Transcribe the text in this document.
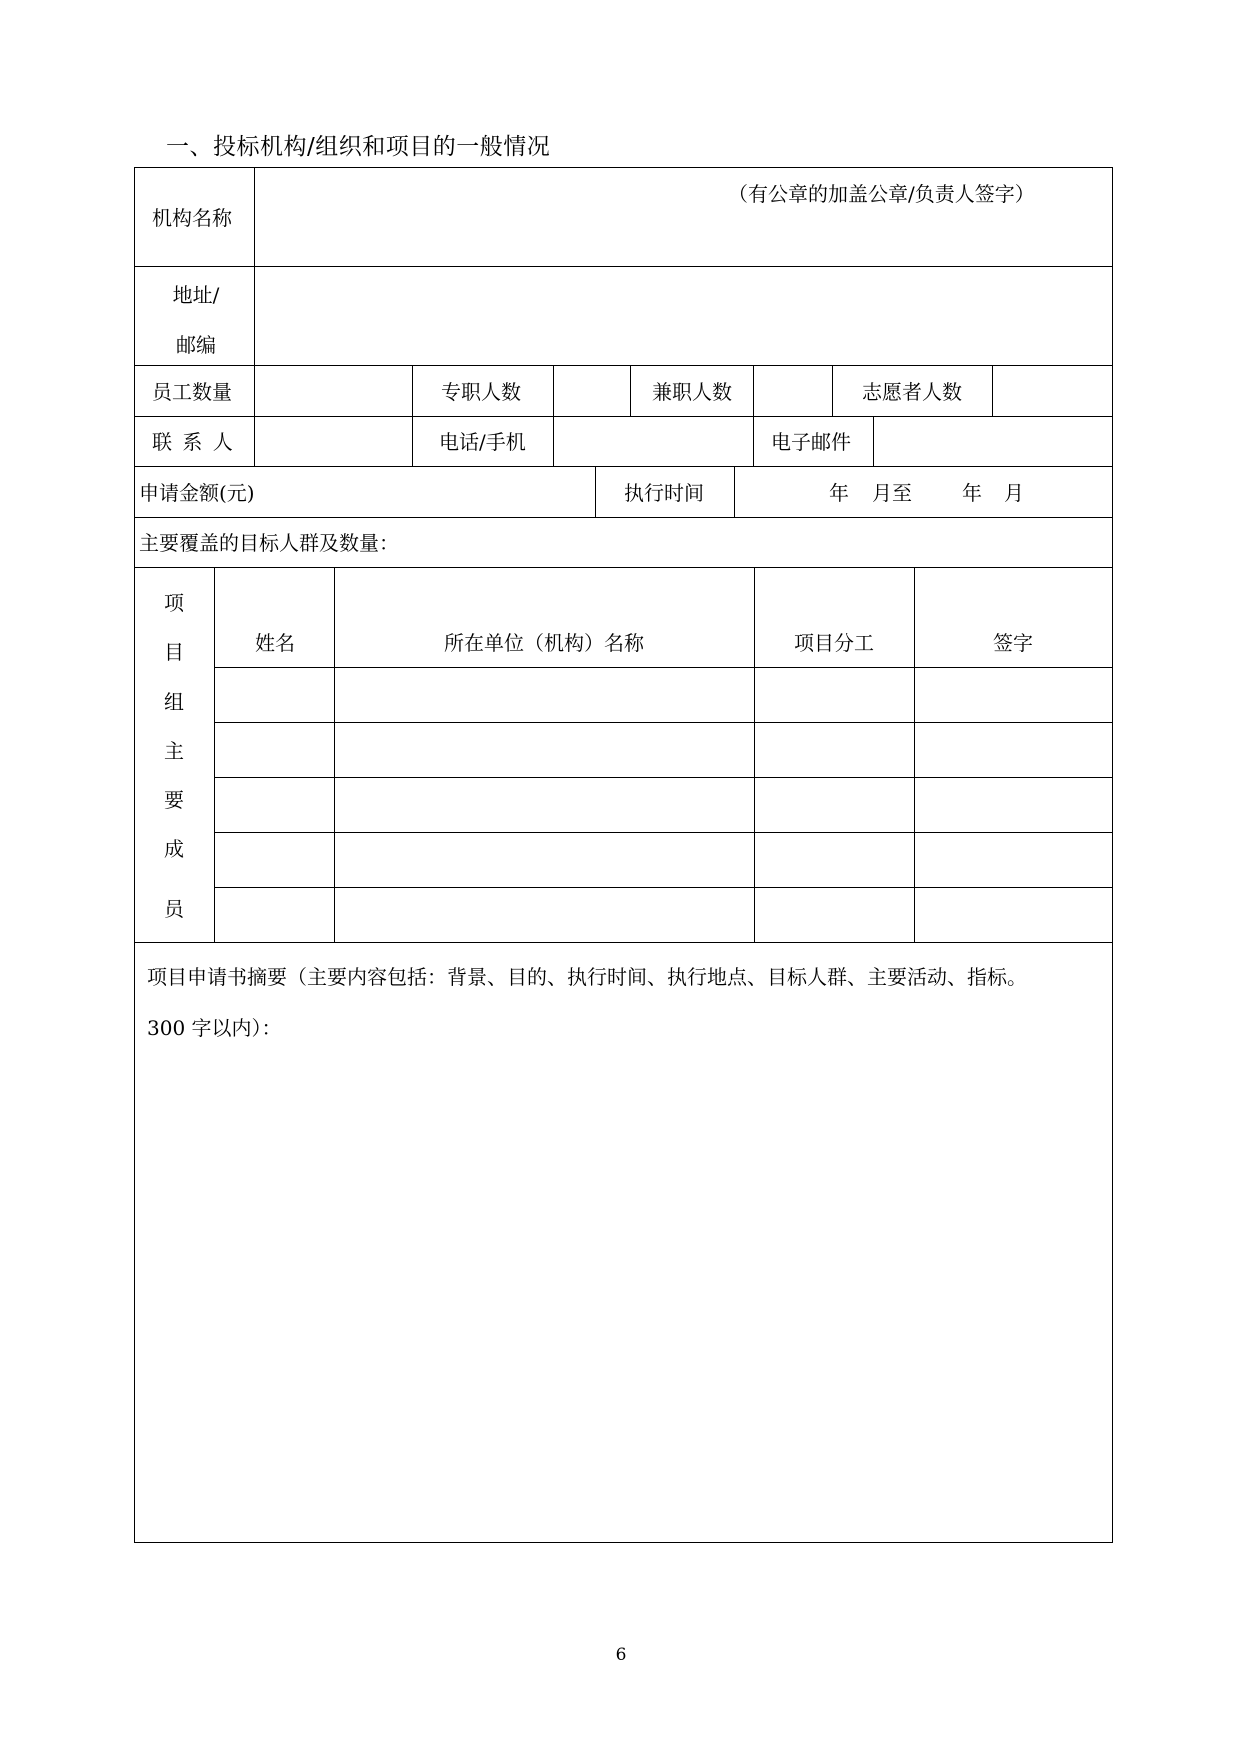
一、投标机构/组织和项目的一般情况
机构名称
（有公章的加盖公章/负责人签字）
地址/
邮编
员工数量	专职人数	兼职人数	志愿者人数
联 系 人	电话/手机	电子邮件
申请金额(元)	执行时间	年 月至	年 月
主要覆盖的目标人群及数量：
项
目
组
主
要
成
员
姓名	所在单位（机构）名称	项目分工	签字
项目申请书摘要（主要内容包括：背景、目的、执行时间、执行地点、目标人群、主要活动、指标。
300 字以内）：
6
